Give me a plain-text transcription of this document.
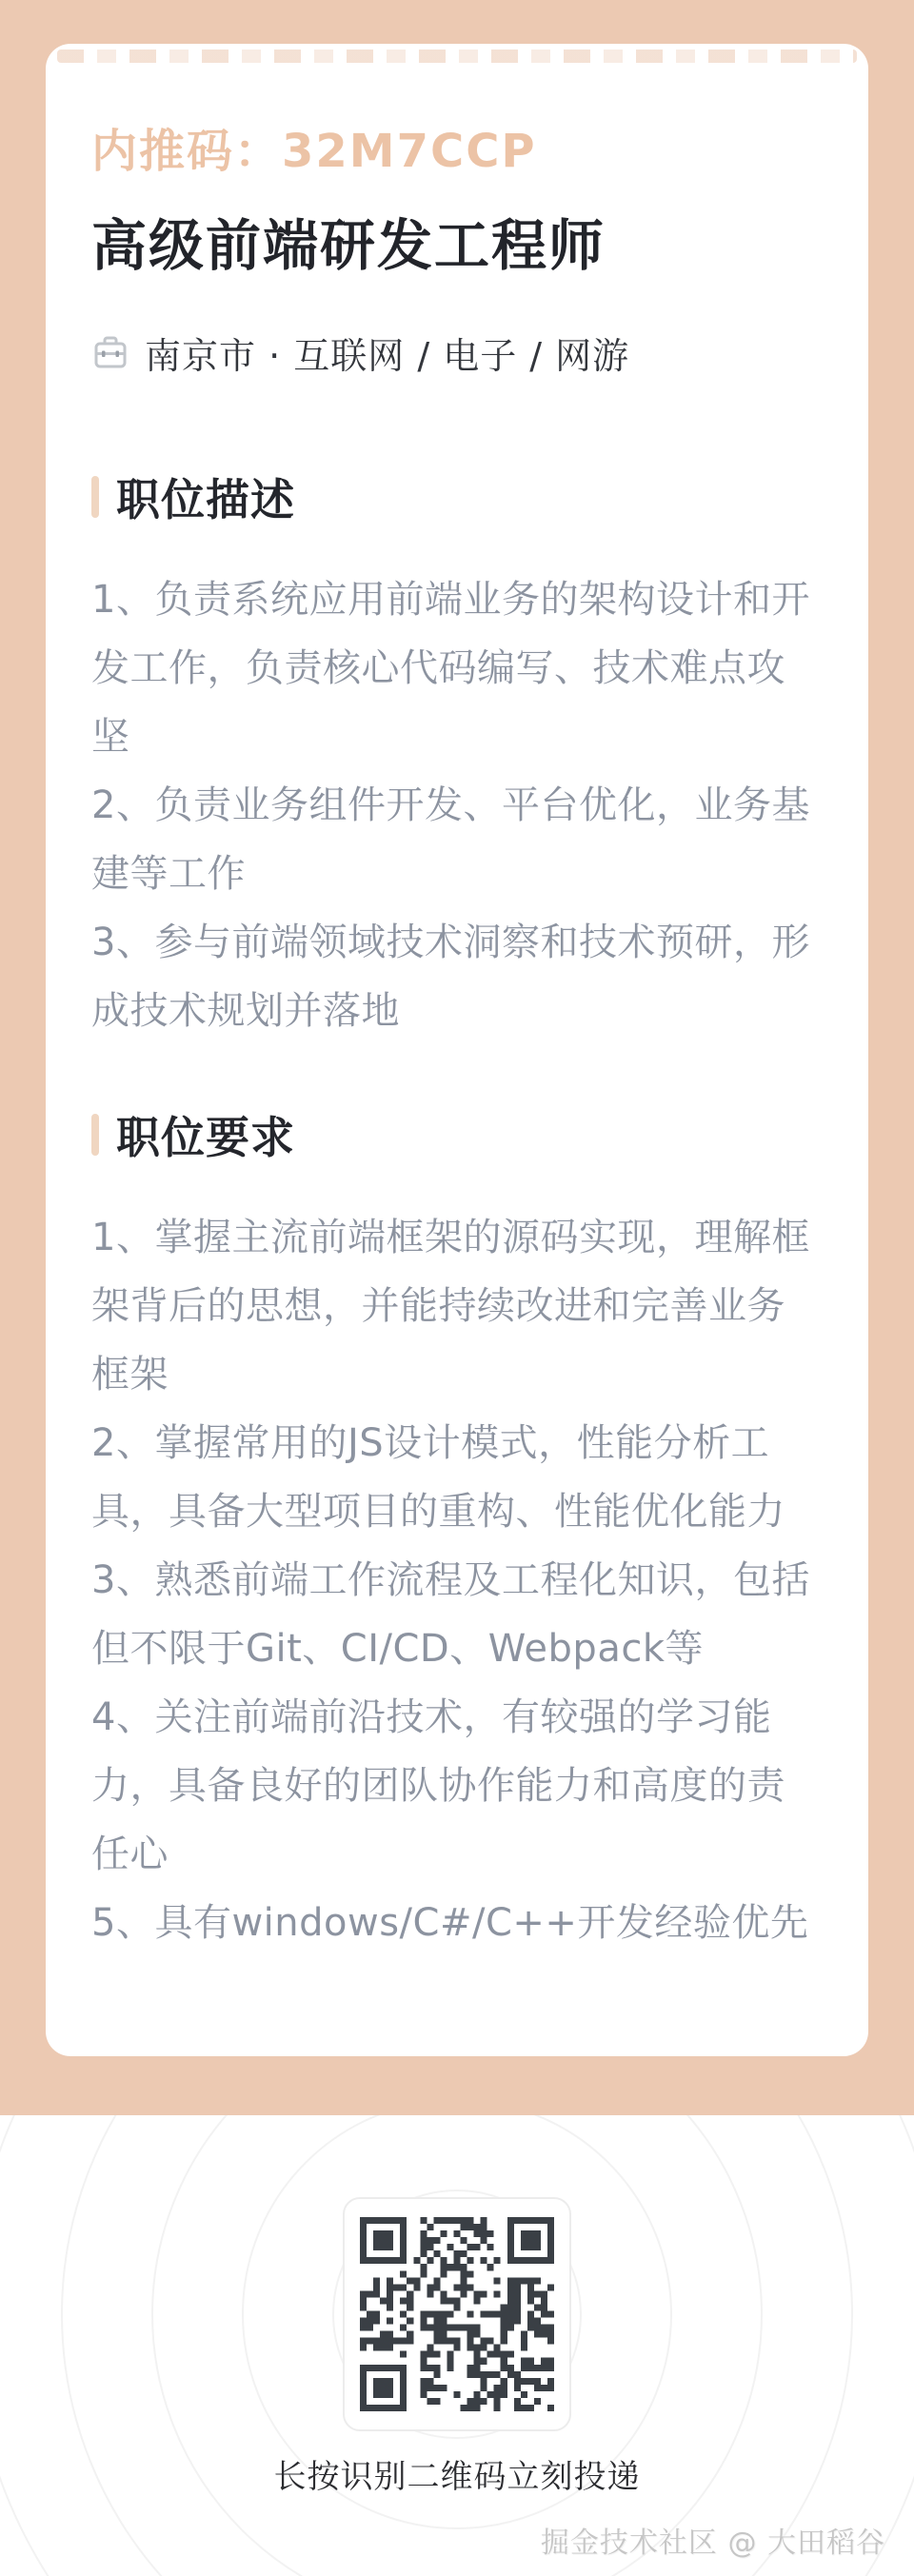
内推码：32M7CCP
高级前端研发工程师
南京市 · 互联网 / 电子 / 网游
职位描述

1、负责系统应用前端业务的架构设计和开发工作，负责核心代码编写、技术难点攻坚

2、负责业务组件开发、平台优化，业务基建等工作

3、参与前端领域技术洞察和技术预研，形成技术规划并落地

职位要求

1、掌握主流前端框架的源码实现，理解框架背后的思想，并能持续改进和完善业务框架

2、掌握常用的JS设计模式，性能分析工具，具备大型项目的重构、性能优化能力

3、熟悉前端工作流程及工程化知识，包括但不限于Git、CI/CD、Webpack等

4、关注前端前沿技术，有较强的学习能力，具备良好的团队协作能力和高度的责任心

5、具有windows/C#/C++开发经验优先

长按识别二维码立刻投递
掘金技术社区 @ 大田稻谷
